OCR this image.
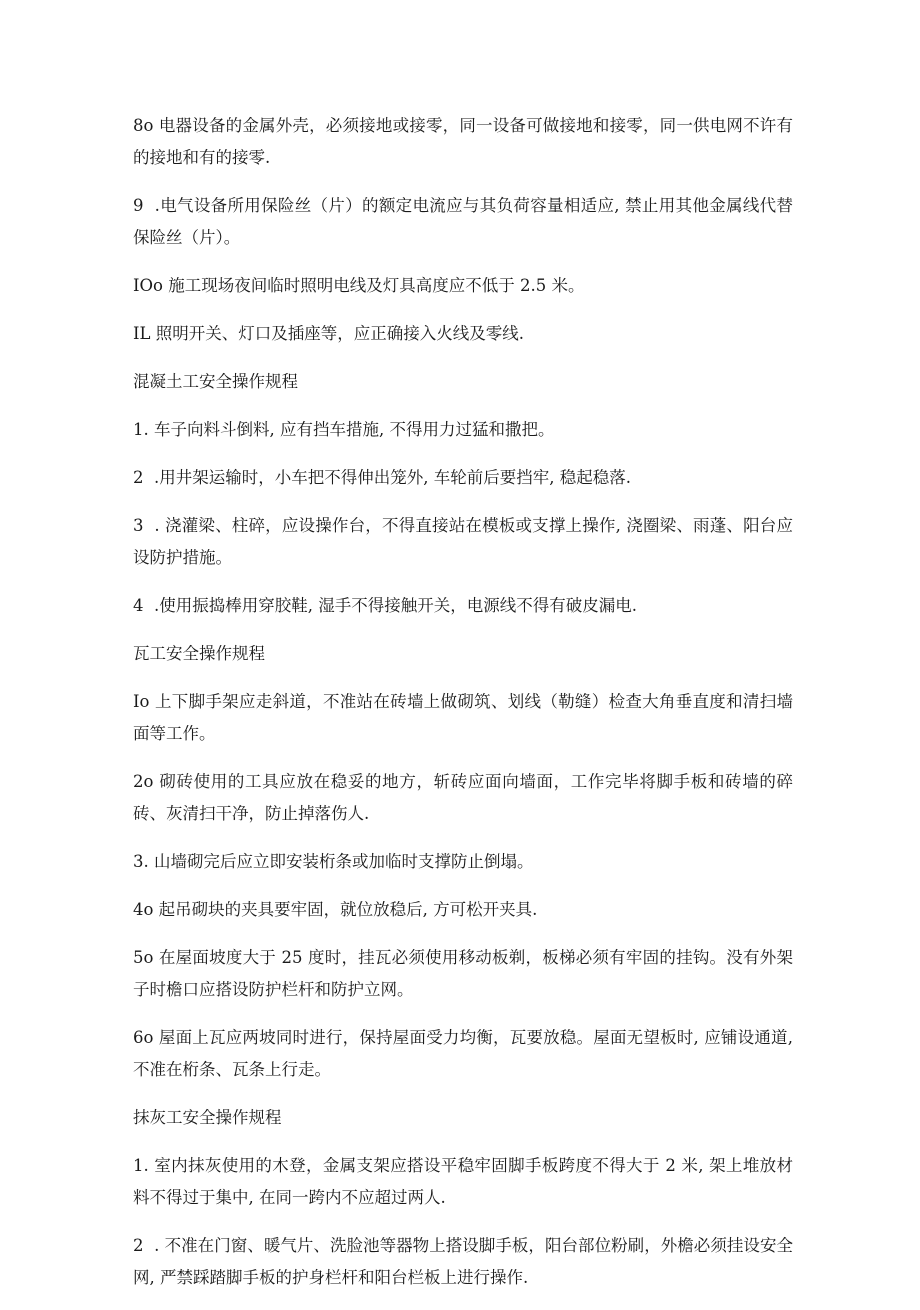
8o 电器设备的金属外壳，必须接地或接零，同一设备可做接地和接零，同一供电网不许有的接地和有的接零.

9  .电气设备所用保险丝（片）的额定电流应与其负荷容量相适应, 禁止用其他金属线代替保险丝（片）。

IOo 施工现场夜间临时照明电线及灯具高度应不低于 2.5 米。

IL 照明开关、灯口及插座等，应正确接入火线及零线.

混凝土工安全操作规程

1. 车子向料斗倒料, 应有挡车措施, 不得用力过猛和撒把。

2  .用井架运输时，小车把不得伸出笼外, 车轮前后要挡牢, 稳起稳落.

3  . 浇灌梁、柱碎，应设操作台，不得直接站在模板或支撑上操作, 浇圈梁、雨蓬、阳台应设防护措施。

4  .使用振捣棒用穿胶鞋, 湿手不得接触开关，电源线不得有破皮漏电.

瓦工安全操作规程

Io 上下脚手架应走斜道，不准站在砖墙上做砌筑、划线（勒缝）检查大角垂直度和清扫墙面等工作。

2o 砌砖使用的工具应放在稳妥的地方，斩砖应面向墙面，工作完毕将脚手板和砖墙的碎砖、灰清扫干净，防止掉落伤人.

3. 山墙砌完后应立即安装桁条或加临时支撑防止倒塌。

4o 起吊砌块的夹具要牢固，就位放稳后, 方可松开夹具.

5o 在屋面坡度大于 25 度时，挂瓦必须使用移动板剃，板梯必须有牢固的挂钩。没有外架子时檐口应搭设防护栏杆和防护立网。

6o 屋面上瓦应两坡同时进行，保持屋面受力均衡，瓦要放稳。屋面无望板时, 应铺设通道, 不准在桁条、瓦条上行走。

抹灰工安全操作规程

1. 室内抹灰使用的木登，金属支架应搭设平稳牢固脚手板跨度不得大于 2 米, 架上堆放材料不得过于集中, 在同一跨内不应超过两人.

2  . 不准在门窗、暖气片、洗脸池等器物上搭设脚手板，阳台部位粉刷，外檐必须挂设安全网, 严禁踩踏脚手板的护身栏杆和阳台栏板上进行操作.
